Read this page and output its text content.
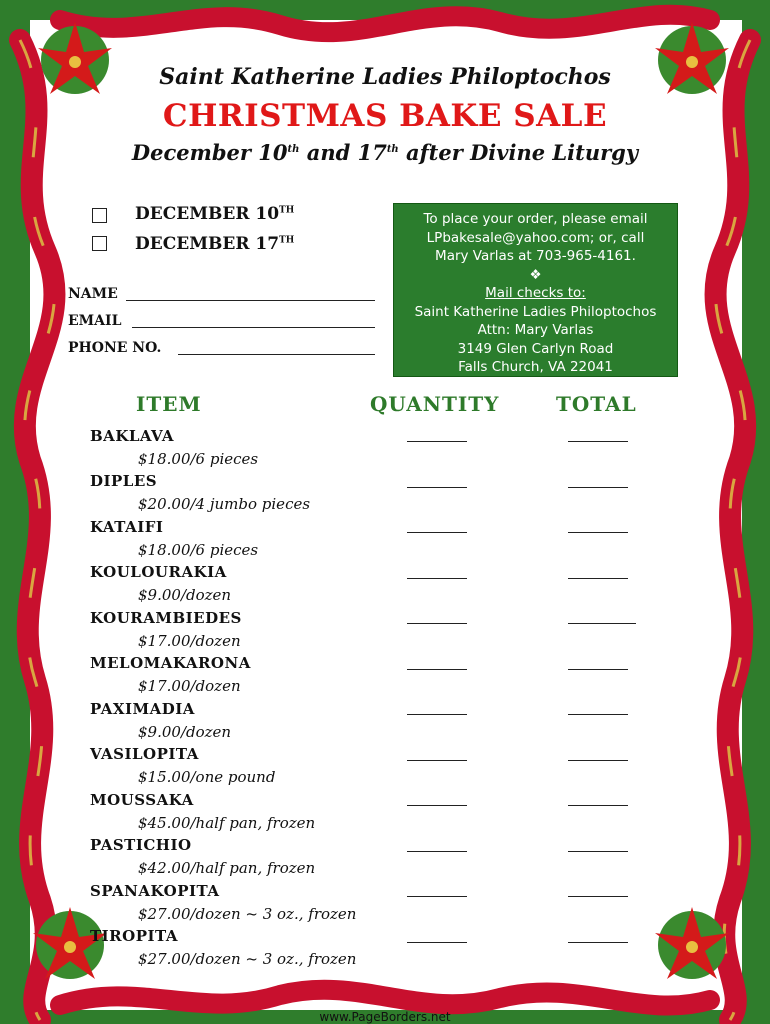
Saint Katherine Ladies Philoptochos
CHRISTMAS BAKE SALE
December 10th and 17th after Divine Liturgy
DECEMBER 10TH
DECEMBER 17TH
NAME
EMAIL
PHONE NO.
To place your order, please email
LPbakesale@yahoo.com; or, call
Mary Varlas at 703-965-4161.
❖
Mail checks to:
Saint Katherine Ladies Philoptochos
Attn: Mary Varlas
3149 Glen Carlyn Road
Falls Church, VA 22041
ITEM	QUANTITY	TOTAL
BAKLAVA
$18.00/6 pieces
DIPLES
$20.00/4 jumbo pieces
KATAIFI
$18.00/6 pieces
KOULOURAKIA
$9.00/dozen
KOURAMBIEDES
$17.00/dozen
MELOMAKARONA
$17.00/dozen
PAXIMADIA
$9.00/dozen
VASILOPITA
$15.00/one pound
MOUSSAKA
$45.00/half pan, frozen
PASTICHIO
$42.00/half pan, frozen
SPANAKOPITA
$27.00/dozen ~ 3 oz., frozen
TIROPITA
$27.00/dozen ~ 3 oz., frozen
www.PageBorders.net
